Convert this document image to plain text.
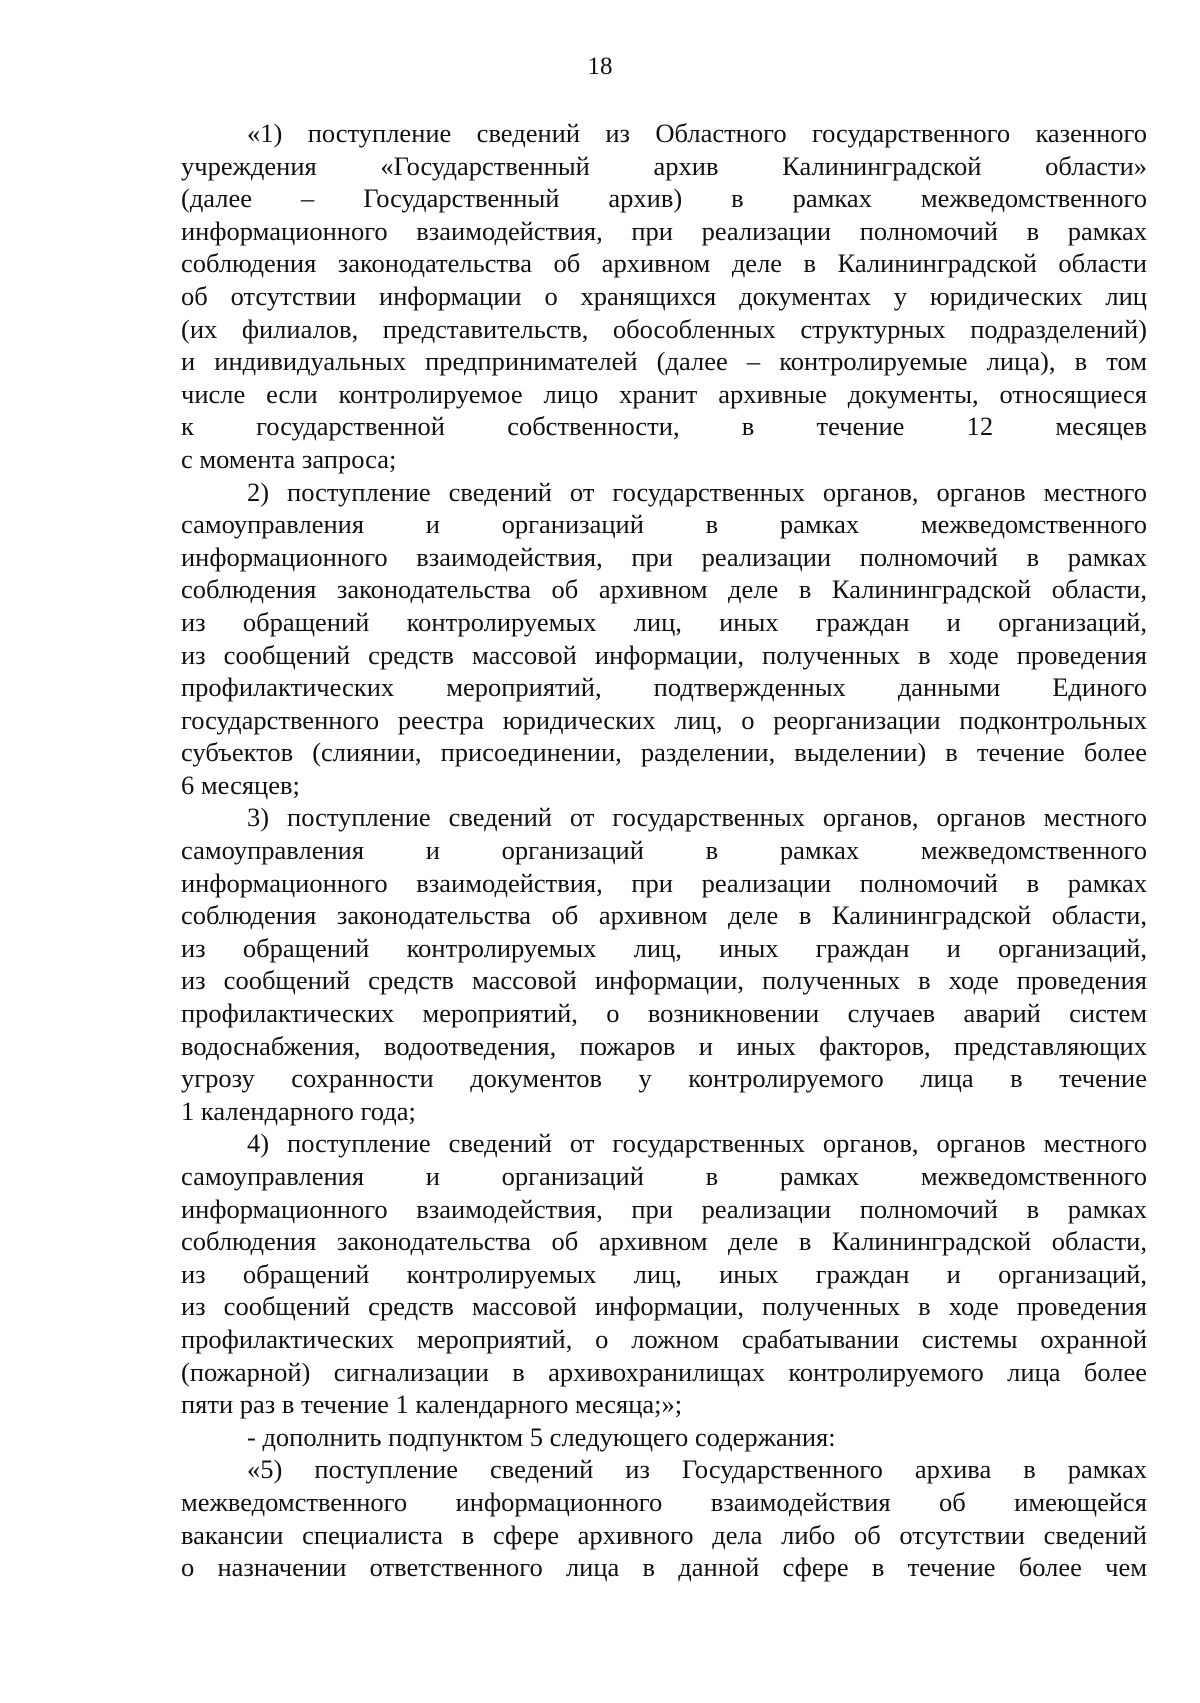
18
«1) поступление сведений из Областного государственного казенного
учреждения «Государственный архив Калининградской области»
(далее – Государственный архив) в рамках межведомственного
информационного взаимодействия, при реализации полномочий в рамках
соблюдения законодательства об архивном деле в Калининградской области
об отсутствии информации о хранящихся документах у юридических лиц
(их филиалов, представительств, обособленных структурных подразделений)
и индивидуальных предпринимателей (далее – контролируемые лица), в том
числе если контролируемое лицо хранит архивные документы, относящиеся
к государственной собственности, в течение 12 месяцев
с момента запроса;
2) поступление сведений от государственных органов, органов местного
самоуправления и организаций в рамках межведомственного
информационного взаимодействия, при реализации полномочий в рамках
соблюдения законодательства об архивном деле в Калининградской области,
из обращений контролируемых лиц, иных граждан и организаций,
из сообщений средств массовой информации, полученных в ходе проведения
профилактических мероприятий, подтвержденных данными Единого
государственного реестра юридических лиц, о реорганизации подконтрольных
субъектов (слиянии, присоединении, разделении, выделении) в течение более
6 месяцев;
3) поступление сведений от государственных органов, органов местного
самоуправления и организаций в рамках межведомственного
информационного взаимодействия, при реализации полномочий в рамках
соблюдения законодательства об архивном деле в Калининградской области,
из обращений контролируемых лиц, иных граждан и организаций,
из сообщений средств массовой информации, полученных в ходе проведения
профилактических мероприятий, о возникновении случаев аварий систем
водоснабжения, водоотведения, пожаров и иных факторов, представляющих
угрозу сохранности документов у контролируемого лица в течение
1 календарного года;
4) поступление сведений от государственных органов, органов местного
самоуправления и организаций в рамках межведомственного
информационного взаимодействия, при реализации полномочий в рамках
соблюдения законодательства об архивном деле в Калининградской области,
из обращений контролируемых лиц, иных граждан и организаций,
из сообщений средств массовой информации, полученных в ходе проведения
профилактических мероприятий, о ложном срабатывании системы охранной
(пожарной) сигнализации в архивохранилищах контролируемого лица более
пяти раз в течение 1 календарного месяца;»;
- дополнить подпунктом 5 следующего содержания:
«5) поступление сведений из Государственного архива в рамках
межведомственного информационного взаимодействия об имеющейся
вакансии специалиста в сфере архивного дела либо об отсутствии сведений
о назначении ответственного лица в данной сфере в течение более чем
